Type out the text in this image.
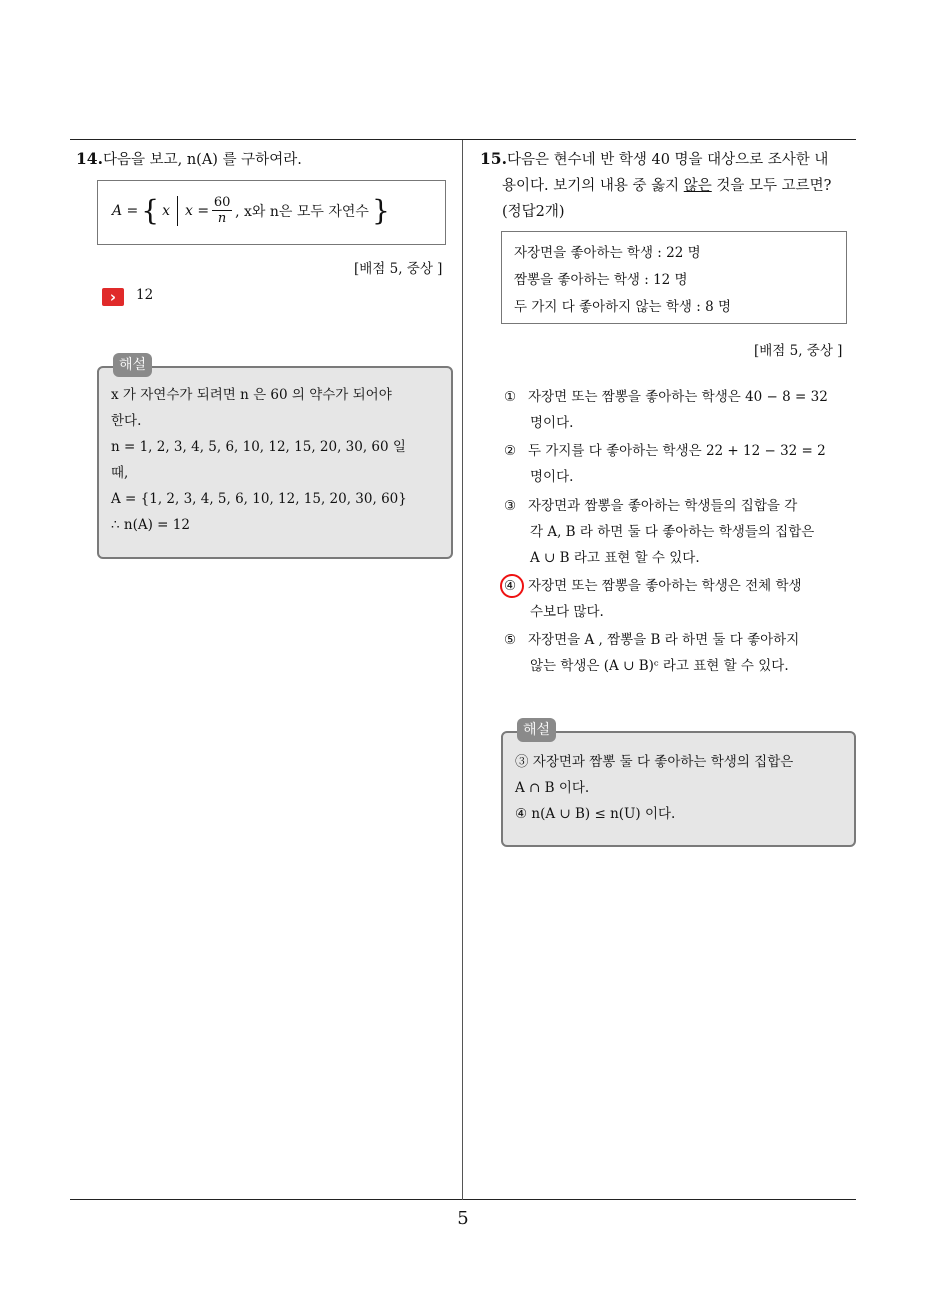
14.다음을 보고, n(A) 를 구하여라.
A = { x x = 60
n , x와 n은 모두 자연수 }
[배점 5, 중상 ]
›	12
해설
x 가 자연수가 되려면 n 은 60 의 약수가 되어야
한다.
n = 1, 2, 3, 4, 5, 6, 10, 12, 15, 20, 30, 60 일
때,
A = {1, 2, 3, 4, 5, 6, 10, 12, 15, 20, 30, 60}
∴ n(A) = 12
15.다음은 현수네 반 학생 40 명을 대상으로 조사한 내
용이다. 보기의 내용 중 옳지 않은 것을 모두 고르면?
(정답2개)
자장면을 좋아하는 학생 : 22 명
짬뽕을 좋아하는 학생 : 12 명
두 가지 다 좋아하지 않는 학생 : 8 명
[배점 5, 중상 ]
① 자장면 또는 짬뽕을 좋아하는 학생은 40 − 8 = 32
명이다.
② 두 가지를 다 좋아하는 학생은 22 + 12 − 32 = 2
명이다.
③ 자장면과 짬뽕을 좋아하는 학생들의 집합을 각
각 A, B 라 하면 둘 다 좋아하는 학생들의 집합은
A ∪ B 라고 표현 할 수 있다.
④ 자장면 또는 짬뽕을 좋아하는 학생은 전체 학생
수보다 많다.
⑤ 자장면을 A , 짬뽕을 B 라 하면 둘 다 좋아하지
않는 학생은 (A ∪ B)ᶜ 라고 표현 할 수 있다.
해설
③ 자장면과 짬뽕 둘 다 좋아하는 학생의 집합은
A ∩ B 이다.
④ n(A ∪ B) ≤ n(U) 이다.
5
